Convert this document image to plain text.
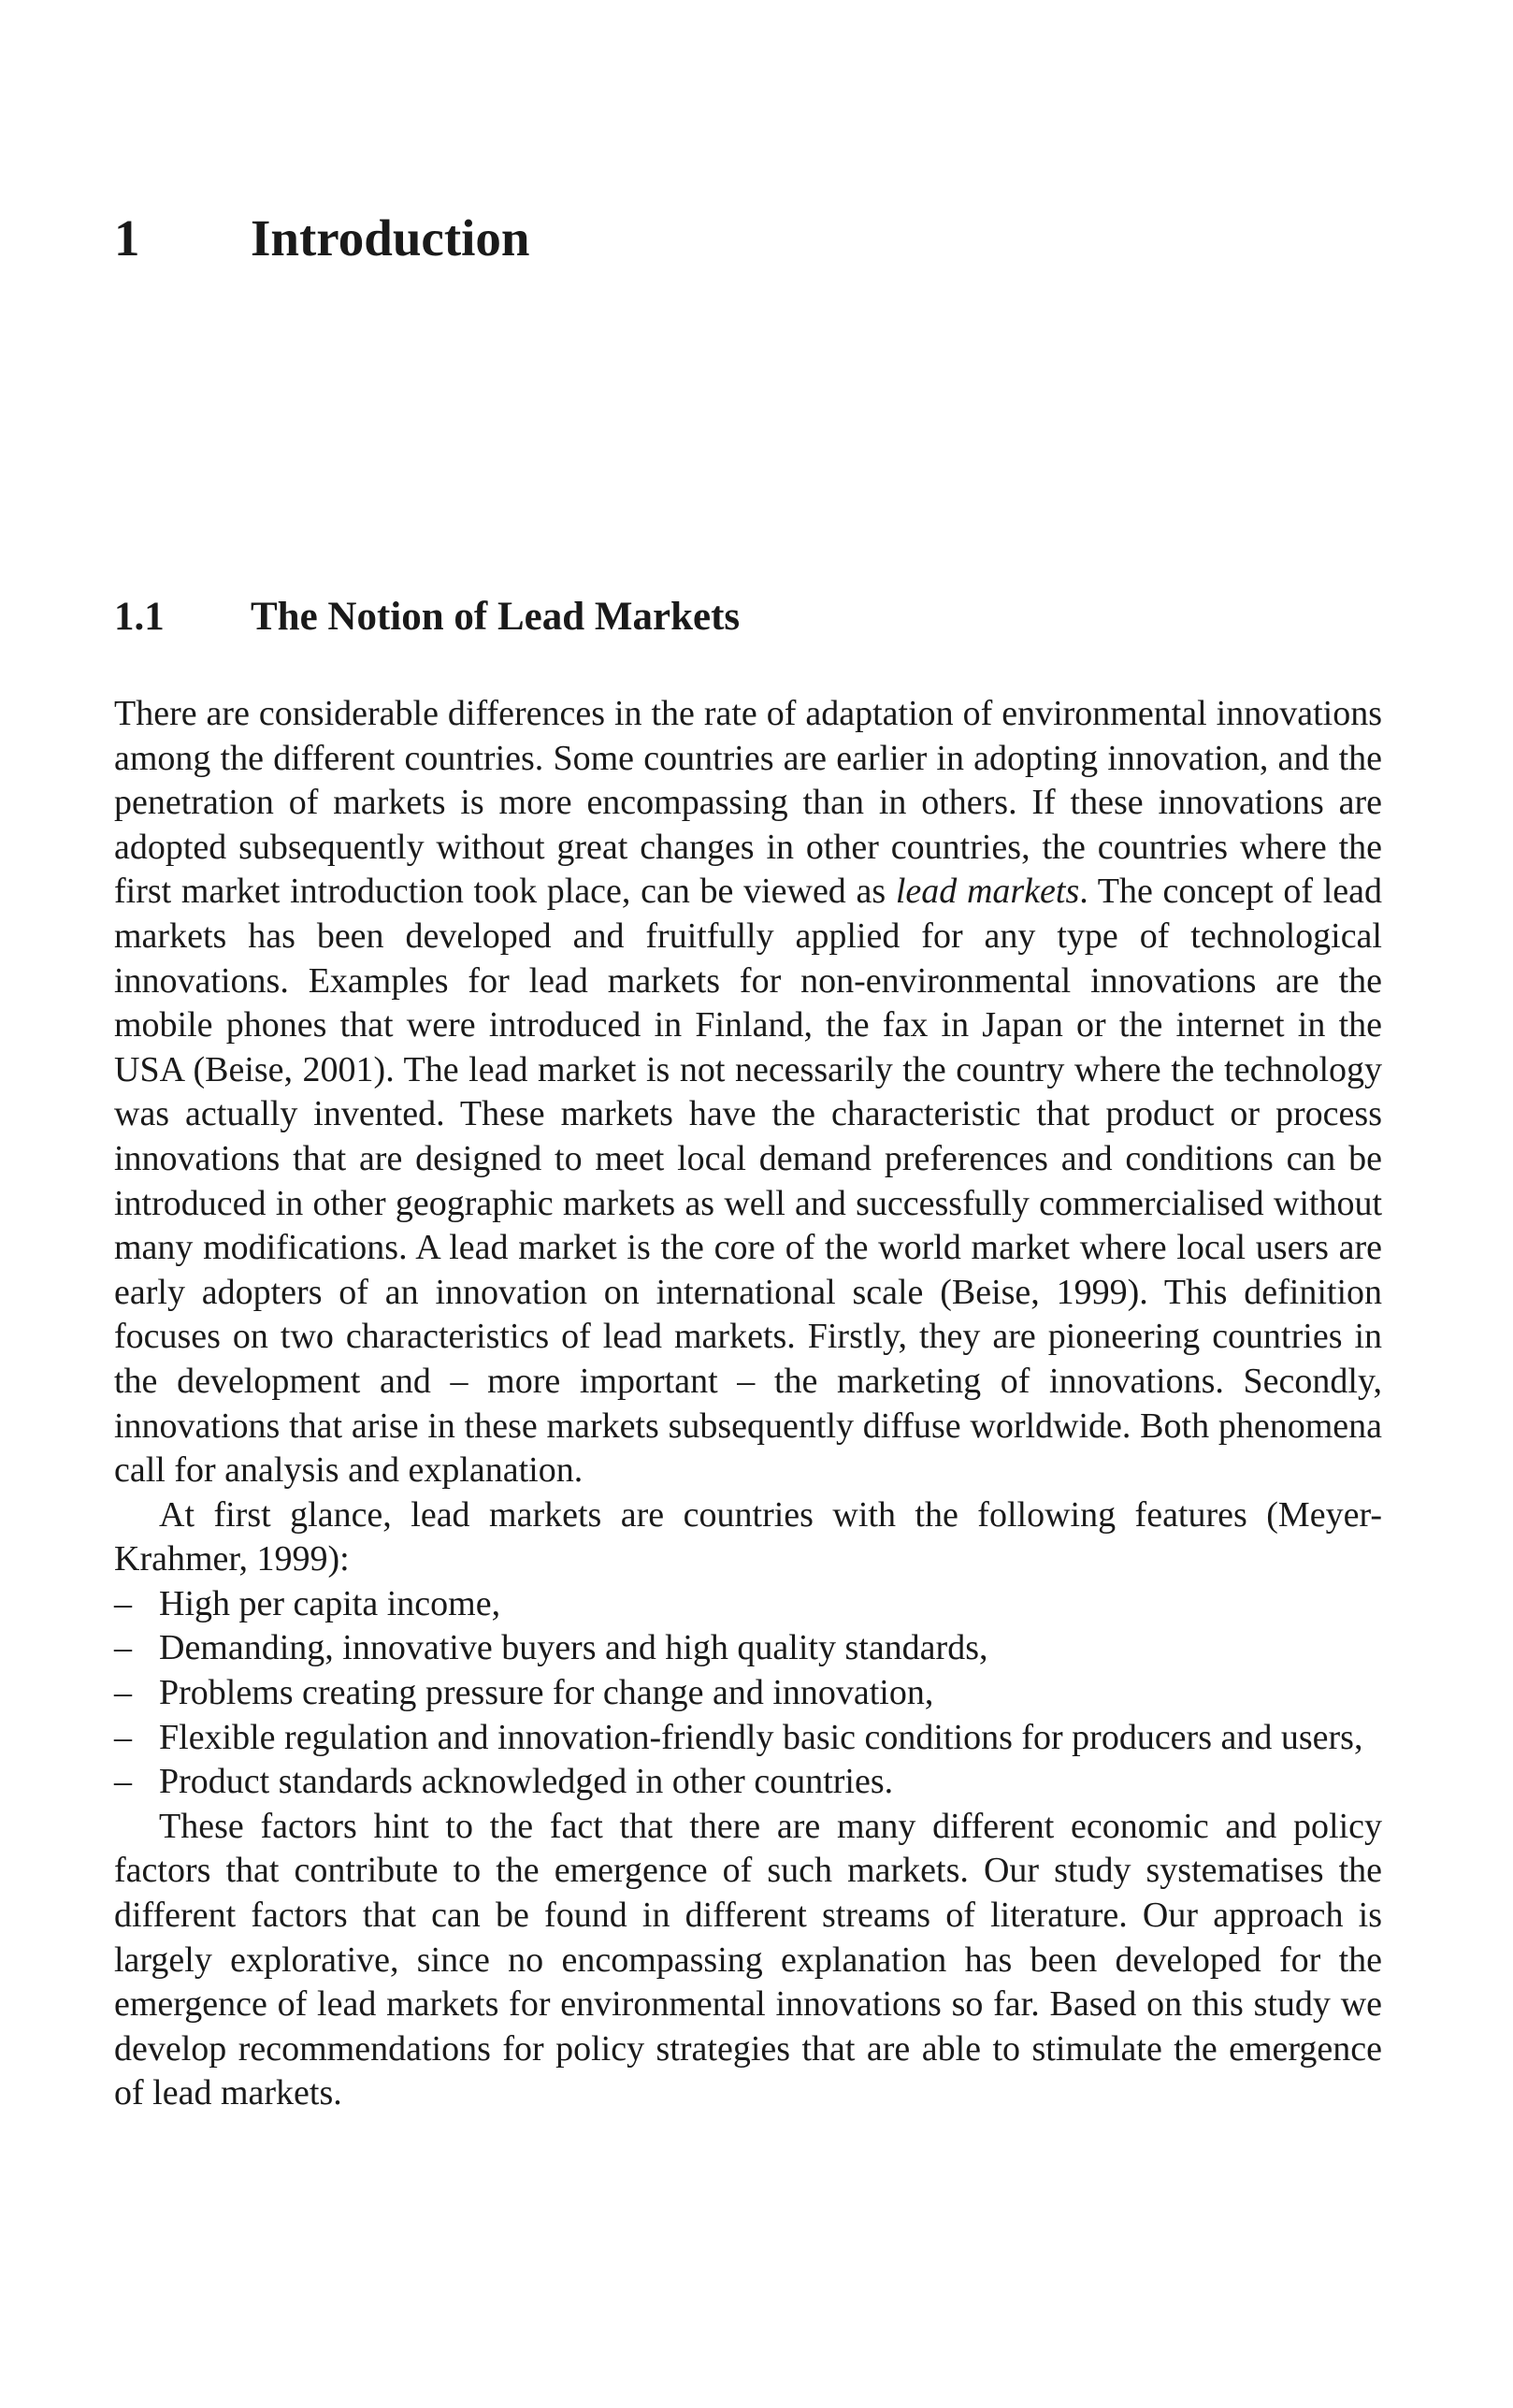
1 Introduction
1.1 The Notion of Lead Markets

There are considerable differences in the rate of adaptation of environmental innovations among the different countries. Some countries are earlier in adopting innovation, and the penetration of markets is more encompassing than in others. If these innovations are adopted subsequently without great changes in other countries, the countries where the first market introduction took place, can be viewed as lead markets. The concept of lead markets has been developed and fruitfully applied for any type of technological innovations. Examples for lead markets for non-environmental innovations are the mobile phones that were introduced in Finland, the fax in Japan or the internet in the USA (Beise, 2001). The lead market is not necessarily the country where the technology was actually invented. These markets have the characteristic that product or process innovations that are designed to meet local demand preferences and conditions can be introduced in other geographic markets as well and successfully commercialised without many modifications. A lead market is the core of the world market where local users are early adopters of an innovation on international scale (Beise, 1999). This definition focuses on two characteristics of lead markets. Firstly, they are pioneering countries in the development and – more important – the marketing of innovations. Secondly, innovations that arise in these markets subsequently diffuse worldwide. Both phenomena call for analysis and explanation.

At first glance, lead markets are countries with the following features (Meyer-Krahmer, 1999):

– High per capita income,
– Demanding, innovative buyers and high quality standards,
– Problems creating pressure for change and innovation,
– Flexible regulation and innovation-friendly basic conditions for producers and users,
– Product standards acknowledged in other countries.

These factors hint to the fact that there are many different economic and policy factors that contribute to the emergence of such markets. Our study systematises the different factors that can be found in different streams of literature. Our approach is largely explorative, since no encompassing explanation has been developed for the emergence of lead markets for environmental innovations so far. Based on this study we develop recommendations for policy strategies that are able to stimulate the emergence of lead markets.
